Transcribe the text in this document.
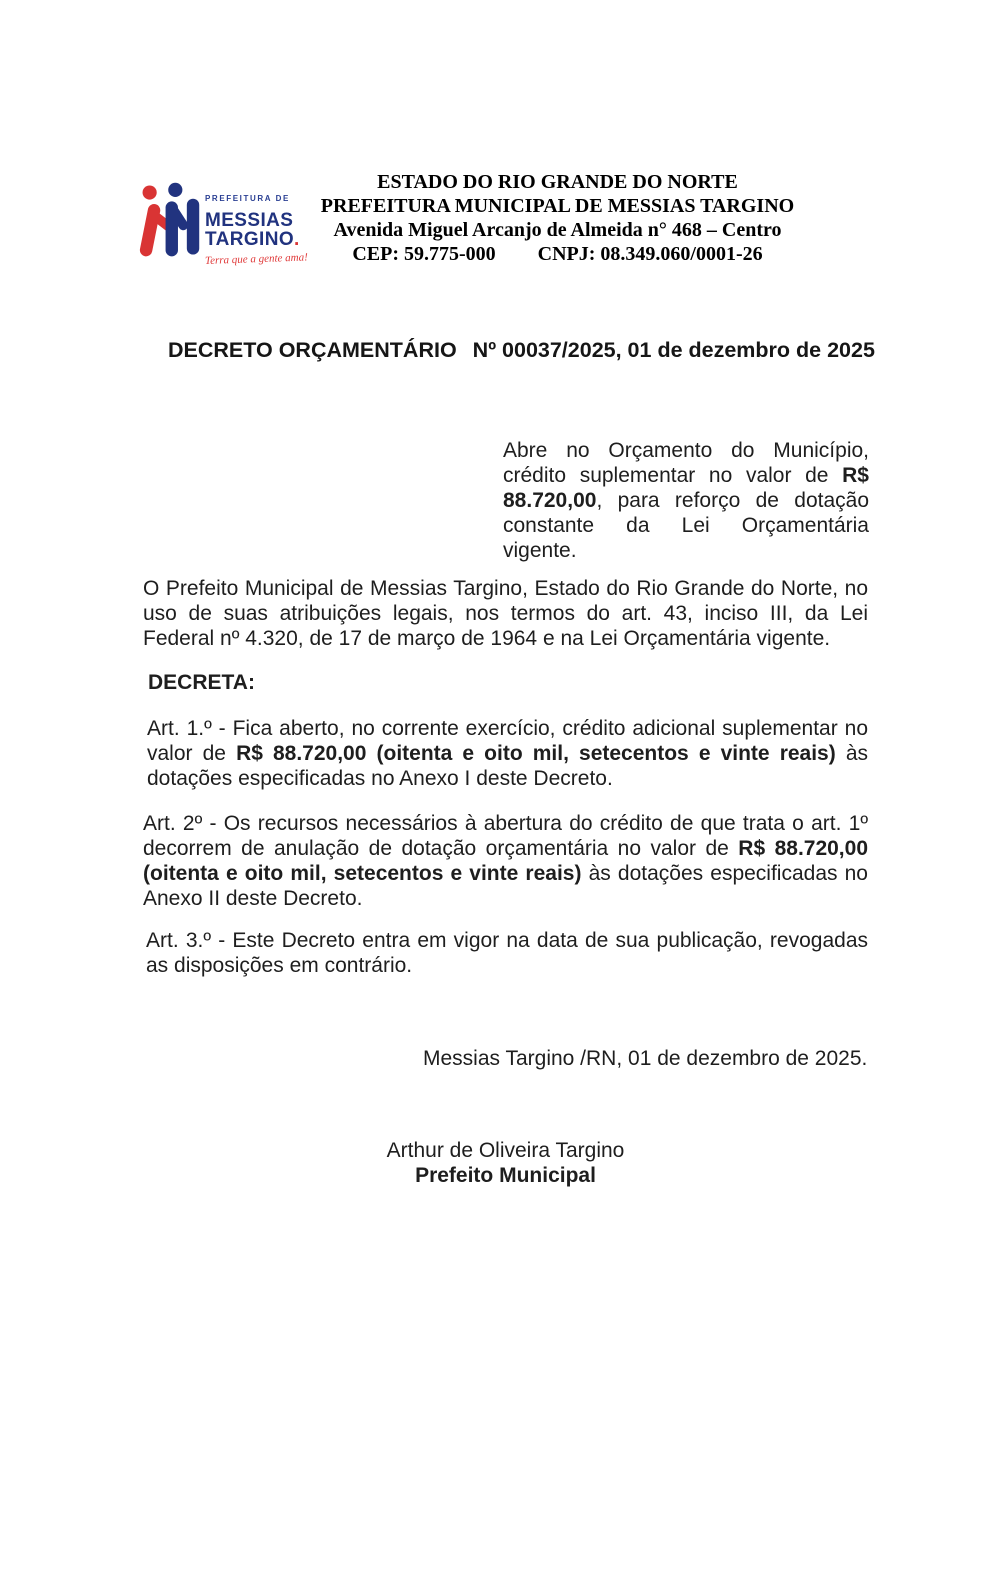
PREFEITURA DE
MESSIAS
TARGINO.
Terra que a gente ama!
ESTADO DO RIO GRANDE DO NORTE
PREFEITURA MUNICIPAL DE MESSIAS TARGINO
Avenida Miguel Arcanjo de Almeida n° 468 – Centro
CEP: 59.775-000 CNPJ: 08.349.060/0001-26
DECRETO ORÇAMENTÁRIO Nº 00037/2025, 01 de dezembro de 2025

Abre no Orçamento do Município, crédito suplementar no valor de R$ 88.720,00, para reforço de dotação constante da Lei Orçamentária vigente.

O Prefeito Municipal de Messias Targino, Estado do Rio Grande do Norte, no uso de suas atribuições legais, nos termos do art. 43, inciso III, da Lei Federal nº 4.320, de 17 de março de 1964 e na Lei Orçamentária vigente.

DECRETA:

Art. 1.º - Fica aberto, no corrente exercício, crédito adicional suplementar no valor de R$ 88.720,00 (oitenta e oito mil, setecentos e vinte reais) às dotações especificadas no Anexo I deste Decreto.

Art. 2º - Os recursos necessários à abertura do crédito de que trata o art. 1º decorrem de anulação de dotação orçamentária no valor de R$ 88.720,00 (oitenta e oito mil, setecentos e vinte reais) às dotações especificadas no Anexo II deste Decreto.

Art. 3.º - Este Decreto entra em vigor na data de sua publicação, revogadas as disposições em contrário.

Messias Targino /RN, 01 de dezembro de 2025.

Arthur de Oliveira Targino
Prefeito Municipal
